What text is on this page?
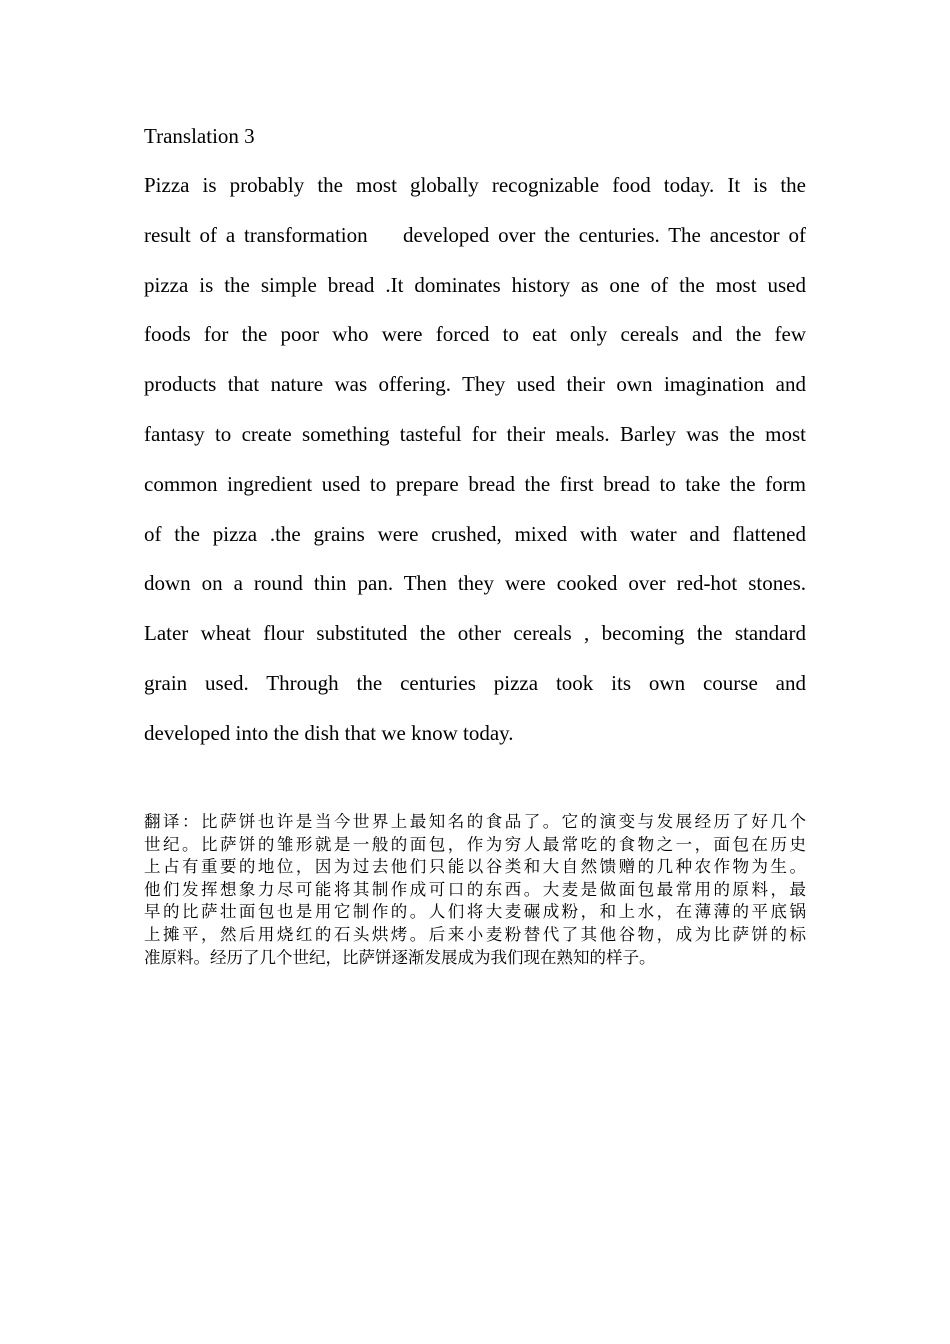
Translation 3

Pizza is probably the most globally recognizable food today. It is the
result of a transformation    developed over the centuries. The ancestor of
pizza is the simple bread .It dominates history as one of the most used
foods for the poor who were forced to eat only cereals and the few
products that nature was offering. They used their own imagination and
fantasy to create something tasteful for their meals. Barley was the most
common ingredient used to prepare bread the first bread to take the form
of the pizza .the grains were crushed, mixed with water and flattened
down on a round thin pan. Then they were cooked over red-hot stones.
Later wheat flour substituted the other cereals , becoming the standard
grain used. Through the centuries pizza took its own course and
developed into the dish that we know today.
翻译：比萨饼也许是当今世界上最知名的食品了。它的演变与发展经历了好几个
世纪。比萨饼的雏形就是一般的面包，作为穷人最常吃的食物之一，面包在历史
上占有重要的地位，因为过去他们只能以谷类和大自然馈赠的几种农作物为生。
他们发挥想象力尽可能将其制作成可口的东西。大麦是做面包最常用的原料，最
早的比萨壮面包也是用它制作的。人们将大麦碾成粉，和上水，在薄薄的平底锅
上摊平，然后用烧红的石头烘烤。后来小麦粉替代了其他谷物，成为比萨饼的标
准原料。经历了几个世纪，比萨饼逐渐发展成为我们现在熟知的样子。
